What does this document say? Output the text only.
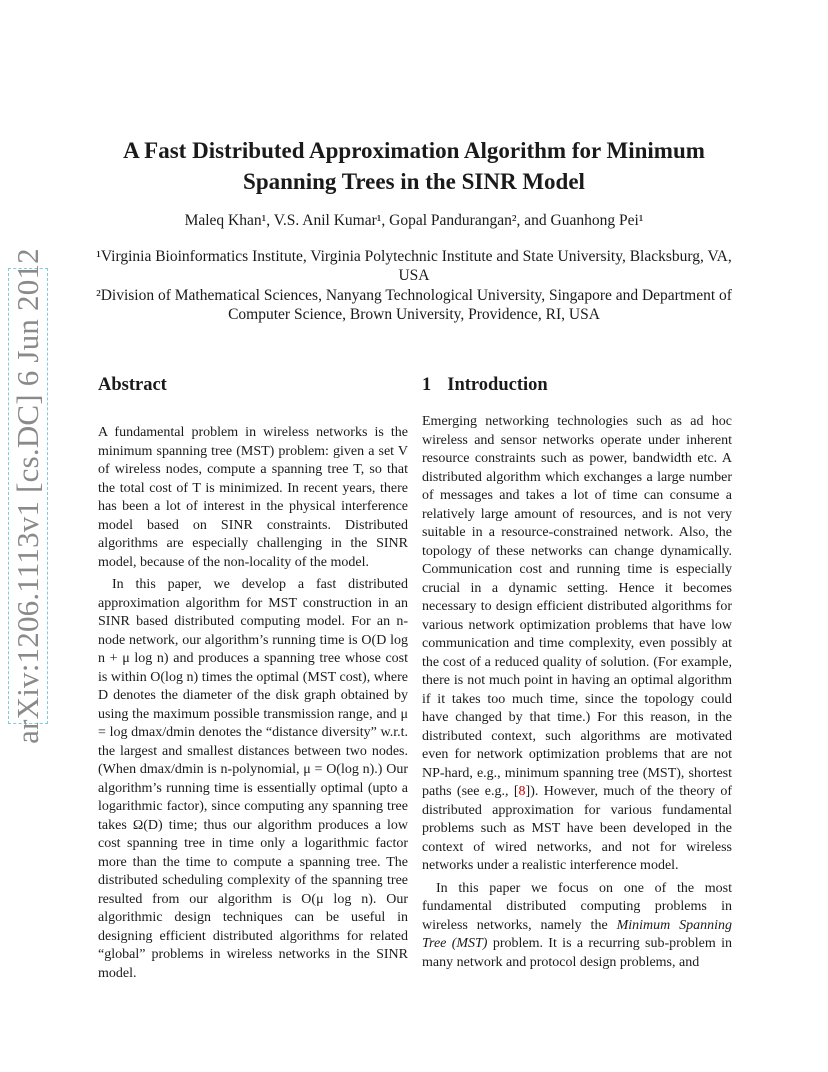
arXiv:1206.1113v1 [cs.DC] 6 Jun 2012
A Fast Distributed Approximation Algorithm for Minimum Spanning Trees in the SINR Model
Maleq Khan¹, V.S. Anil Kumar¹, Gopal Pandurangan², and Guanhong Pei¹
¹Virginia Bioinformatics Institute, Virginia Polytechnic Institute and State University, Blacksburg, VA, USA
²Division of Mathematical Sciences, Nanyang Technological University, Singapore and Department of Computer Science, Brown University, Providence, RI, USA
Abstract	1 Introduction

A fundamental problem in wireless networks is the minimum spanning tree (MST) problem: given a set V of wireless nodes, compute a spanning tree T, so that the total cost of T is minimized. In recent years, there has been a lot of interest in the physical interference model based on SINR constraints. Distributed algorithms are especially challenging in the SINR model, because of the non-locality of the model.

In this paper, we develop a fast distributed approximation algorithm for MST construction in an SINR based distributed computing model. For an n-node network, our algorithm’s running time is O(D log n + μ log n) and produces a spanning tree whose cost is within O(log n) times the optimal (MST cost), where D denotes the diameter of the disk graph obtained by using the maximum possible transmission range, and μ = log dmax/dmin denotes the “distance diversity” w.r.t. the largest and smallest distances between two nodes. (When dmax/dmin is n-polynomial, μ = O(log n).) Our algorithm’s running time is essentially optimal (upto a logarithmic factor), since computing any spanning tree takes Ω(D) time; thus our algorithm produces a low cost spanning tree in time only a logarithmic factor more than the time to compute a spanning tree. The distributed scheduling complexity of the spanning tree resulted from our algorithm is O(μ log n). Our algorithmic design techniques can be useful in designing efficient distributed algorithms for related “global” problems in wireless networks in the SINR model.

Emerging networking technologies such as ad hoc wireless and sensor networks operate under inherent resource constraints such as power, bandwidth etc. A distributed algorithm which exchanges a large number of messages and takes a lot of time can consume a relatively large amount of resources, and is not very suitable in a resource-constrained network. Also, the topology of these networks can change dynamically. Communication cost and running time is especially crucial in a dynamic setting. Hence it becomes necessary to design efficient distributed algorithms for various network optimization problems that have low communication and time complexity, even possibly at the cost of a reduced quality of solution. (For example, there is not much point in having an optimal algorithm if it takes too much time, since the topology could have changed by that time.) For this reason, in the distributed context, such algorithms are motivated even for network optimization problems that are not NP-hard, e.g., minimum spanning tree (MST), shortest paths (see e.g., [8]). However, much of the theory of distributed approximation for various fundamental problems such as MST have been developed in the context of wired networks, and not for wireless networks under a realistic interference model.

In this paper we focus on one of the most fundamental distributed computing problems in wireless networks, namely the Minimum Spanning Tree (MST) problem. It is a recurring sub-problem in many network and protocol design problems, and
